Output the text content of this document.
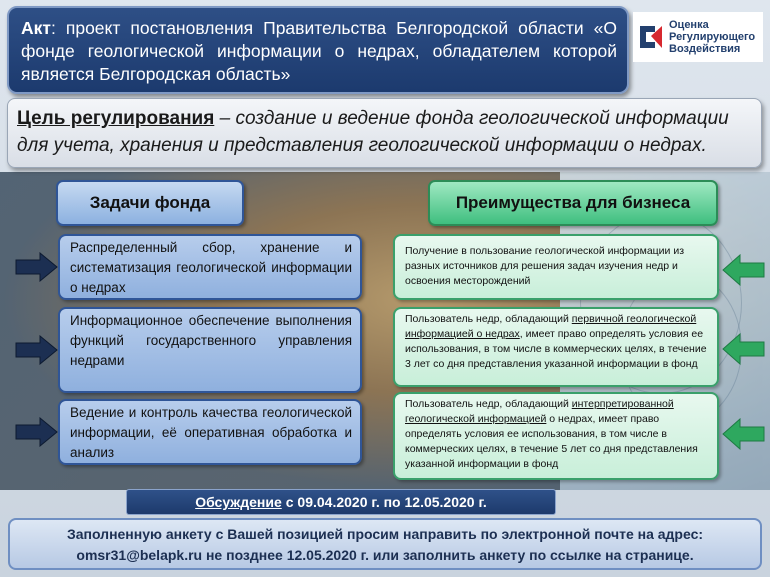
Акт: проект постановления Правительства Белгородской области «О фонде геологической информации о недрах, обладателем которой является Белгородская область»
Оценка
Регулирующего
Воздействия
Цель регулирования – создание и ведение фонда геологической информации для учета, хранения и представления геологической информации о недрах.
Задачи фонда	Преимущества для бизнеса
Распределенный сбор, хранение и систематизация геологической информации о недрах
Информационное обеспечение выполнения функций государственного управления недрами
Ведение и контроль качества геологической информации, её оперативная обработка и анализ
Получение в пользование геологической информации из разных источников для решения задач изучения недр и освоения месторождений
Пользователь недр, обладающий первичной геологической информацией о недрах, имеет право определять условия ее использования, в том числе в коммерческих целях, в течение 3 лет со дня представления указанной информации в фонд
Пользователь недр, обладающий интерпретированной геологической информацией о недрах, имеет право определять условия ее использования, в том числе в коммерческих целях, в течение 5 лет со дня представления указанной информации в фонд
Обсуждение с 09.04.2020 г. по 12.05.2020 г.
Заполненную анкету с Вашей позицией просим направить по электронной почте на адрес:
omsr31@belapk.ru не позднее 12.05.2020 г. или заполнить анкету по ссылке на странице.
